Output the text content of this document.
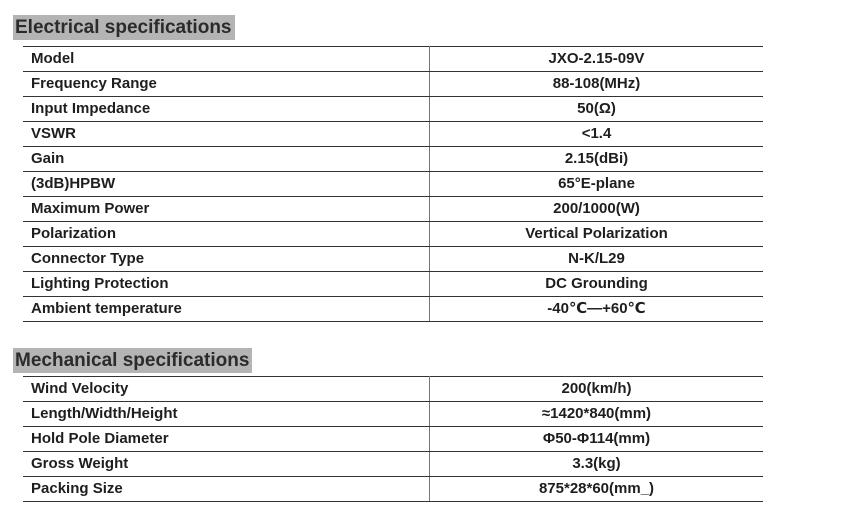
Electrical specifications
Model	JXO-2.15-09V
Frequency Range	88-108(MHz)
Input Impedance	50(Ω)
VSWR	<1.4
Gain	2.15(dBi)
(3dB)HPBW	65°E-plane
Maximum Power	200/1000(W)
Polarization	Vertical Polarization
Connector Type	N-K/L29
Lighting Protection	DC Grounding
Ambient temperature	-40℃—+60℃
Mechanical specifications
Wind Velocity	200(km/h)
Length/Width/Height	≈1420*840(mm)
Hold Pole Diameter	Φ50-Φ114(mm)
Gross Weight	3.3(kg)
Packing Size	875*28*60(mm_)
